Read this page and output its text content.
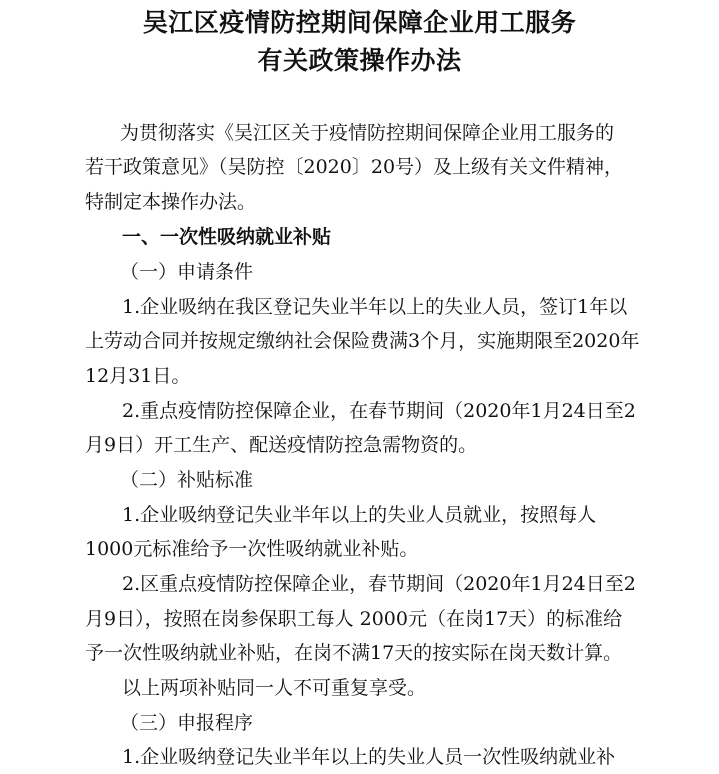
吴江区疫情防控期间保障企业用工服务
有关政策操作办法
为贯彻落实《吴江区关于疫情防控期间保障企业用工服务的
若干政策意见》（吴防控〔2020〕20号）及上级有关文件精神，
特制定本操作办法。
一、一次性吸纳就业补贴
（一）申请条件
1.企业吸纳在我区登记失业半年以上的失业人员，签订1年以
上劳动合同并按规定缴纳社会保险费满3个月，实施期限至2020年
12月31日。
2.重点疫情防控保障企业，在春节期间（2020年1月24日至2
月9日）开工生产、配送疫情防控急需物资的。
（二）补贴标准
1.企业吸纳登记失业半年以上的失业人员就业，按照每人
1000元标准给予一次性吸纳就业补贴。
2.区重点疫情防控保障企业，春节期间（2020年1月24日至2
月9日），按照在岗参保职工每人 2000元（在岗17天）的标准给
予一次性吸纳就业补贴，在岗不满17天的按实际在岗天数计算。
以上两项补贴同一人不可重复享受。
（三）申报程序
1.企业吸纳登记失业半年以上的失业人员一次性吸纳就业补
